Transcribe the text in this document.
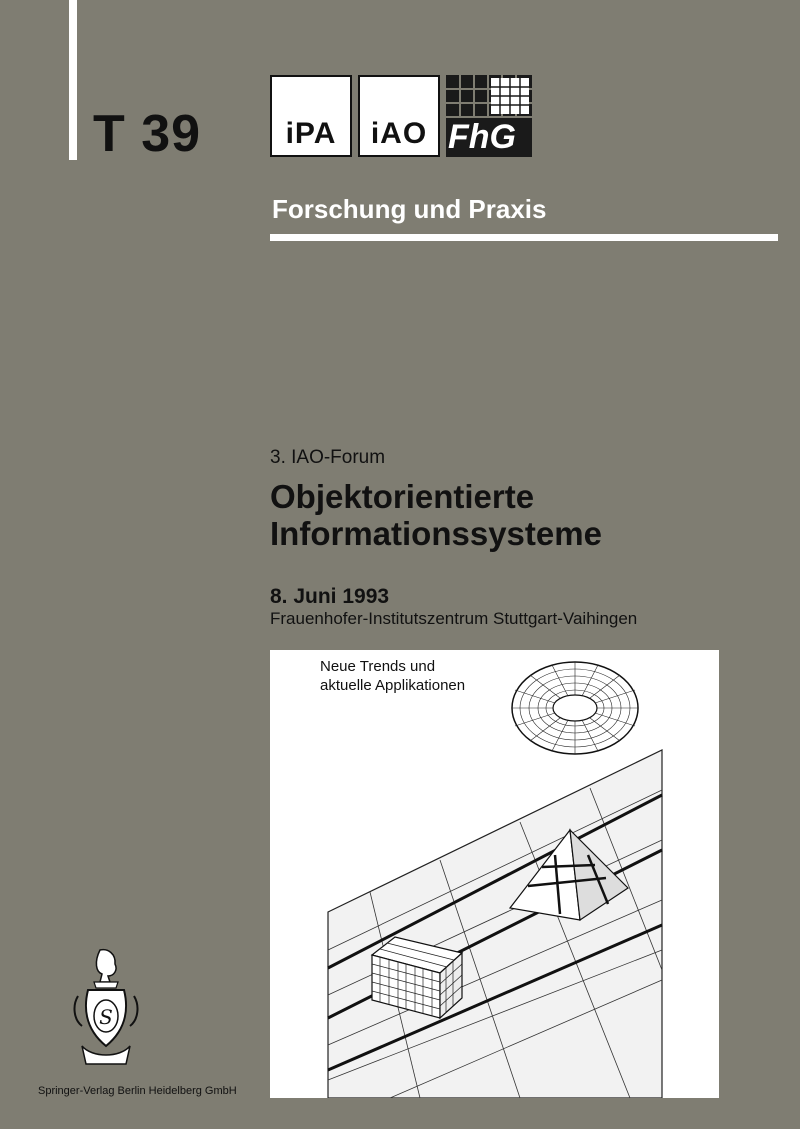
T 39	iPA	iAO FhG
Forschung und Praxis
3. IAO-Forum
Objektorientierte
Informationssysteme
8. Juni 1993
Frauenhofer-Institutszentrum Stuttgart-Vaihingen
Neue Trends und
aktuelle Applikationen
S
Springer-Verlag Berlin Heidelberg GmbH
